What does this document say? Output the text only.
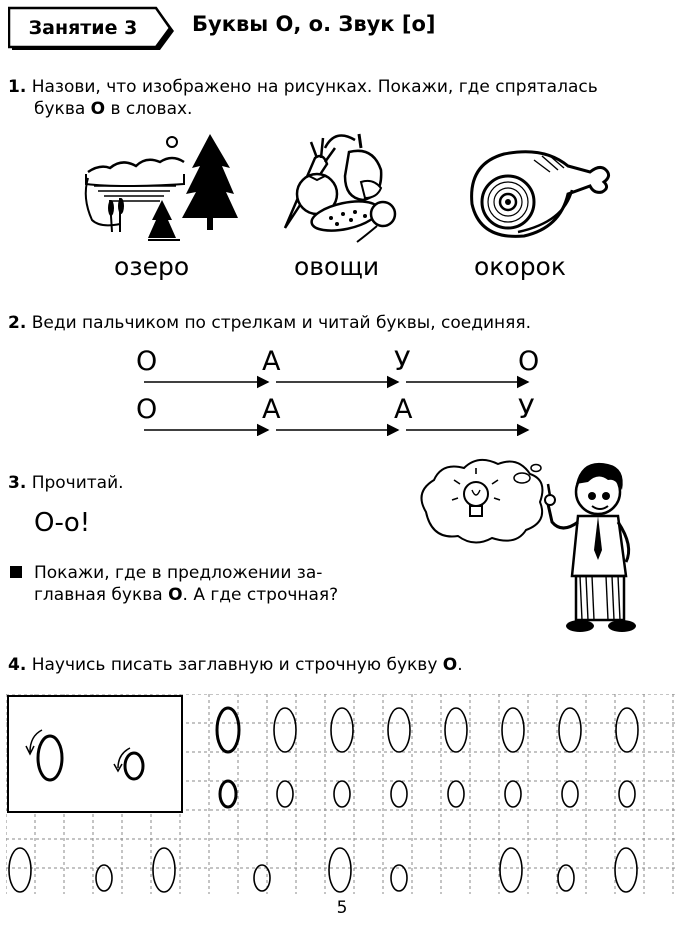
Занятие 3	Буквы О, о. Звук [о]
1. Назови, что изображено на рисунках. Покажи, где спряталась
буква О в словах.
озеро	овощи	окорок
2. Веди пальчиком по стрелкам и читай буквы, соединяя.
О	А	У	О
О	А	А	У
3. Прочитай.
О-о!
Покажи, где в предложении за-
главная буква О. А где строчная?
4. Научись писать заглавную и строчную букву О.
5
